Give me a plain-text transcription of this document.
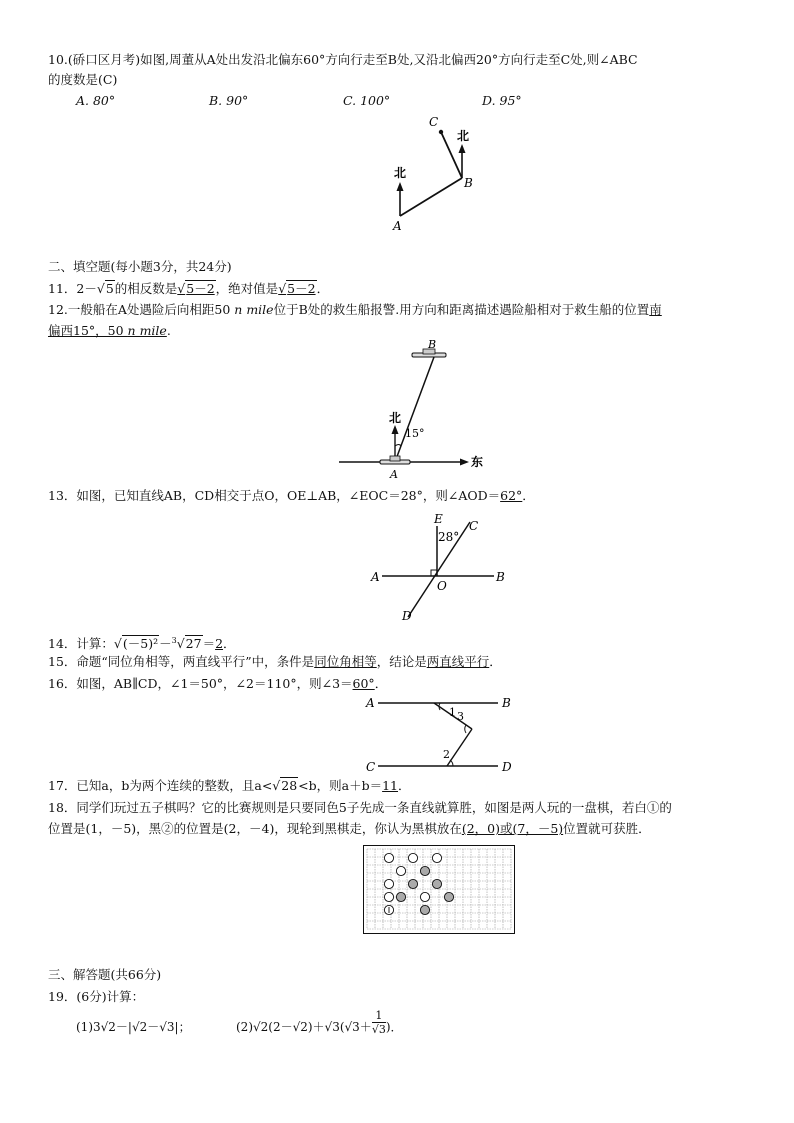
10.(硚口区月考)如图,周董从A处出发沿北偏东60°方向行走至B处,又沿北偏西20°方向行走至C处,则∠ABC
的度数是(C)
A. 80°	B. 90°	C. 100°	D. 95°
北
北
A
B
C
二、填空题(每小题3分，共24分)
11．2－√5的相反数是√5－2，绝对值是√5－2．
12.一般船在A处遇险后向相距50 n mile位于B处的救生船报警.用方向和距离描述遇险船相对于救生船的位置南
偏西15°，50 n mile.
B
A
北
东
15°
13．如图，已知直线AB，CD相交于点O，OE⊥AB，∠EOC＝28°，则∠AOD＝62°．
E C
A	B
O
D
28°
14．计算：√(－5)²－$^3$√27＝2．
15．命题“同位角相等，两直线平行”中，条件是同位角相等，结论是两直线平行．
16．如图，AB∥CD，∠1＝50°，∠2＝110°，则∠3＝60°．
A	B
C	D
1 3
2
17．已知a，b为两个连续的整数，且a<√28<b，则a＋b＝11．
18．同学们玩过五子棋吗？它的比赛规则是只要同色5子先成一条直线就算胜，如图是两人玩的一盘棋，若白①的
位置是(1，－5)，黑②的位置是(2，－4)，现轮到黑棋走，你认为黑棋放在(2，0)或(7，－5)位置就可获胜．
三、解答题(共66分)
19．(6分)计算：
(1)3√2－|√2－√3|；	$(2)√2(2-√2)+√3(√3+ \frac{1}{√3}$ )．
